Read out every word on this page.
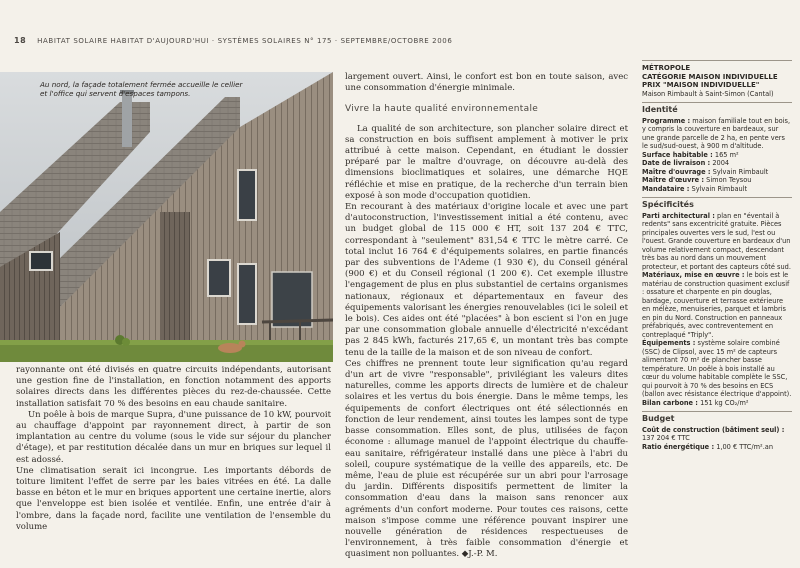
18 HABITAT SOLAIRE HABITAT D'AUJOURD'HUI · SYSTÈMES SOLAIRES N° 175 · SEPTEMBRE/OCTOBRE 2006
Au nord, la façade totalement fermée accueille le cellier et l'office qui servent d'espaces tampons.

rayonnante ont été divisés en quatre circuits indépendants, autorisant une gestion fine de l'installation, en fonction notamment des apports solaires directs dans les différentes pièces du rez-de-chaussée. Cette installation satisfait 70 % des besoins en eau chaude sanitaire.

Un poêle à bois de marque Supra, d'une puissance de 10 kW, pourvoit au chauffage d'appoint par rayonnement direct, à partir de son implantation au centre du volume (sous le vide sur séjour du plancher d'étage), et par restitution décalée dans un mur en briques sur lequel il est adossé.

Une climatisation serait ici incongrue. Les importants débords de toiture limitent l'effet de serre par les baies vitrées en été. La dalle basse en béton et le mur en briques apportent une certaine inertie, alors que l'enveloppe est bien isolée et ventilée. Enfin, une entrée d'air à l'ombre, dans la façade nord, facilite une ventilation de l'ensemble du volume

largement ouvert. Ainsi, le confort est bon en toute saison, avec une consommation d'énergie minimale.

Vivre la haute qualité environnementale

La qualité de son architecture, son plancher solaire direct et sa construction en bois suffisent amplement à motiver le prix attribué à cette maison. Cependant, en étudiant le dossier préparé par le maître d'ouvrage, on découvre au-delà des dimensions bioclimatiques et solaires, une démarche HQE réfléchie et mise en pratique, de la recherche d'un terrain bien exposé à son mode d'occupation quotidien.

En recourant à des matériaux d'origine locale et avec une part d'autoconstruction, l'investissement initial a été contenu, avec un budget global de 115 000 € HT, soit 137 204 € TTC, correspondant à "seulement" 831,54 € TTC le mètre carré. Ce total inclut 16 764 € d'équipements solaires, en partie financés par des subventions de l'Ademe (1 930 €), du Conseil général (900 €) et du Conseil régional (1 200 €). Cet exemple illustre l'engagement de plus en plus substantiel de certains organismes nationaux, régionaux et départementaux en faveur des équipements valorisant les énergies renouvelables (ici le soleil et le bois). Ces aides ont été "placées" à bon escient si l'on en juge par une consommation globale annuelle d'électricité n'excédant pas 2 845 kWh, facturés 217,65 €, un montant très bas compte tenu de la taille de la maison et de son niveau de confort.

Ces chiffres ne prennent toute leur signification qu'au regard d'un art de vivre "responsable", privilégiant les valeurs dites naturelles, comme les apports directs de lumière et de chaleur solaires et les vertus du bois énergie. Dans le même temps, les équipements de confort électriques ont été sélectionnés en fonction de leur rendement, ainsi toutes les lampes sont de type basse consommation. Elles sont, de plus, utilisées de façon économe : allumage manuel de l'appoint électrique du chauffe-eau sanitaire, réfrigérateur installé dans une pièce à l'abri du soleil, coupure systématique de la veille des appareils, etc. De même, l'eau de pluie est récupérée sur un abri pour l'arrosage du jardin. Différents dispositifs permettent de limiter la consommation d'eau dans la maison sans renoncer aux agréments d'un confort moderne. Pour toutes ces raisons, cette maison s'impose comme une référence pouvant inspirer une nouvelle génération de résidences respectueuses de l'environnement, à très faible consommation d'énergie et quasiment non polluantes. ◆J.-P. M.

MÉTROPOLE
CATÉGORIE MAISON INDIVIDUELLE
PRIX "MAISON INDIVIDUELLE"
Maison Rimbault à Saint-Simon (Cantal)
Identité

Programme : maison familiale tout en bois, y compris la couverture en bardeaux, sur une grande parcelle de 2 ha, en pente vers le sud/sud-ouest, à 900 m d'altitude.

Surface habitable : 165 m²

Date de livraison : 2004

Maître d'ouvrage : Sylvain Rimbault

Maître d'œuvre : Simon Teysou

Mandataire : Sylvain Rimbault

Spécificités

Parti architectural : plan en "éventail à redents" sans excentricité gratuite. Pièces principales ouvertes vers le sud, l'est ou l'ouest. Grande couverture en bardeaux d'un volume relativement compact, descendant très bas au nord dans un mouvement protecteur, et portant des capteurs côté sud.

Matériaux, mise en œuvre : le bois est le matériau de construction quasiment exclusif : ossature et charpente en pin douglas, bardage, couverture et terrasse extérieure en mélèze, menuiseries, parquet et lambris en pin du Nord. Construction en panneaux préfabriqués, avec contreventement en contreplaqué "Triply".

Équipements : système solaire combiné (SSC) de Clipsol, avec 15 m² de capteurs alimentant 70 m² de plancher basse température. Un poêle à bois installé au cœur du volume habitable complète le SSC, qui pourvoit à 70 % des besoins en ECS (ballon avec résistance électrique d'appoint).

Bilan carbone : 151 kg CO₂/m²

Budget

Coût de construction (bâtiment seul) :
137 204 € TTC

Ratio énergétique : 1,00 € TTC/m².an
